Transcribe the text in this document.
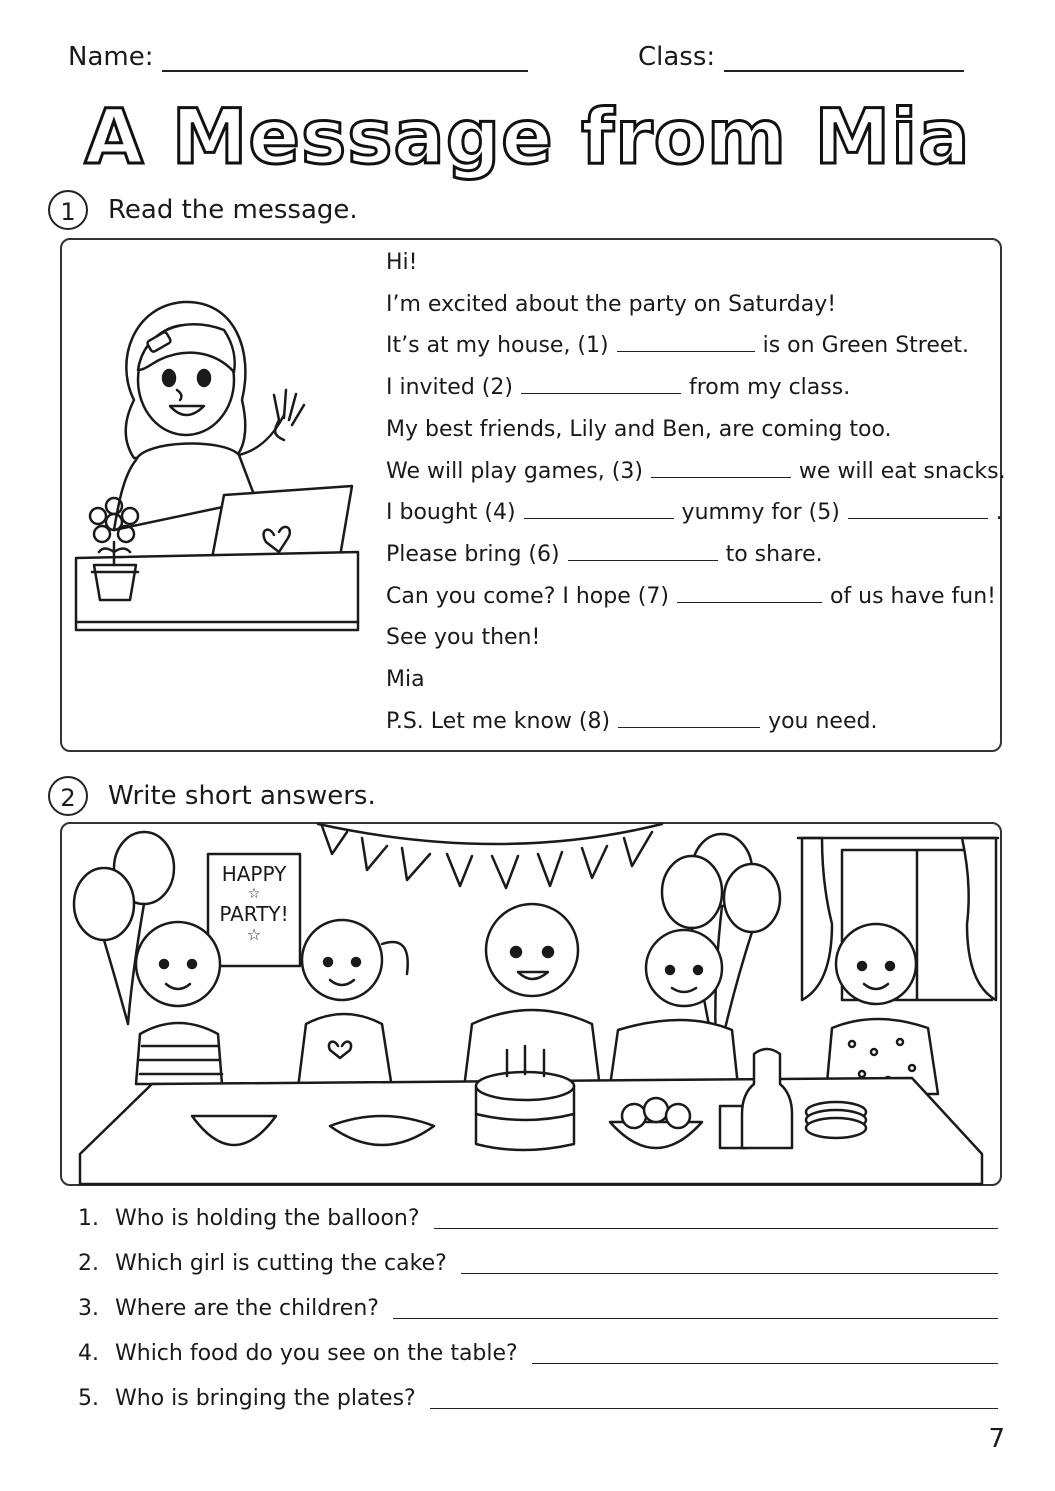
Name:	Class:
A Message from Mia
1	Read the message.
Hi!
I’m excited about the party on Saturday!
It’s at my house, (1)	is on Green Street.
I invited (2)	from my class.
My best friends, Lily and Ben, are coming too.
We will play games, (3)	we will eat snacks.
I bought (4)	yummy for (5)	.
Please bring (6)	to share.
Can you come? I hope (7)	of us have fun!
See you then!
Mia
P.S. Let me know (8)	you need.
2	Write short answers.
HAPPY
☆
PARTY!
☆
1. Who is holding the balloon?
2. Which girl is cutting the cake?
3. Where are the children?
4. Which food do you see on the table?
5. Who is bringing the plates?
7
